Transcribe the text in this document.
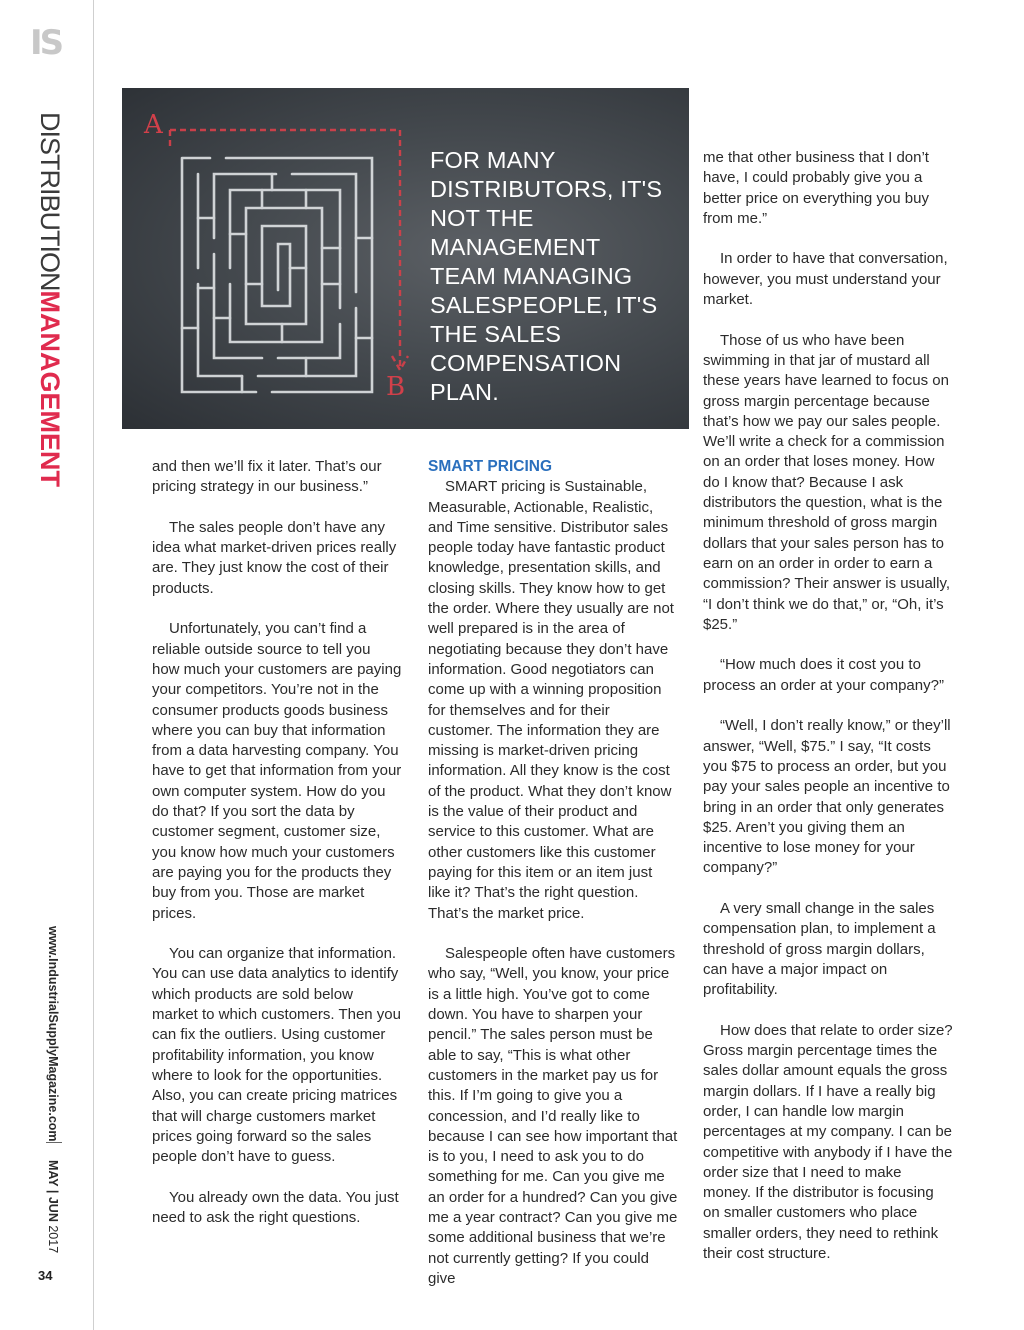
IS
DISTRIBUTIONMANAGEMENT
www.IndustrialSupplyMagazine.com
MAY | JUN 2017
34
A
B
FOR MANY DISTRIBUTORS, IT'S NOT THE MANAGEMENT TEAM MANAGING SALESPEOPLE, IT'S THE SALES COMPENSATION PLAN.

and then we’ll fix it later. That’s our pricing strategy in our business.”

The sales people don’t have any idea what market-driven prices really are. They just know the cost of their products.

Unfortunately, you can’t find a reliable outside source to tell you how much your customers are paying your competitors. You’re not in the consumer products goods business where you can buy that information from a data harvesting company. You have to get that information from your own computer system. How do you do that? If you sort the data by customer segment, customer size, you know how much your customers are paying you for the products they buy from you. Those are market prices.

You can organize that information. You can use data analytics to identify which products are sold below market to which customers. Then you can fix the outliers. Using customer profitability information, you know where to look for the opportunities. Also, you can create pricing matrices that will charge customers market prices going forward so the sales people don’t have to guess.

You already own the data. You just need to ask the right questions.

SMART PRICING

SMART pricing is Sustainable, Measurable, Actionable, Realistic, and Time sensitive. Distributor sales people today have fantastic product knowledge, presentation skills, and closing skills. They know how to get the order. Where they usually are not well prepared is in the area of negotiating because they don’t have information. Good negotiators can come up with a winning proposition for themselves and for their customer. The information they are missing is market-driven pricing information. All they know is the cost of the product. What they don’t know is the value of their product and service to this customer. What are other customers like this customer paying for this item or an item just like it? That’s the right question. That’s the market price.

Salespeople often have customers who say, “Well, you know, your price is a little high. You’ve got to come down. You have to sharpen your pencil.” The sales person must be able to say, “This is what other customers in the market pay us for this. If I’m going to give you a concession, and I’d really like to because I can see how important that is to you, I need to ask you to do something for me. Can you give me an order for a hundred? Can you give me a year contract? Can you give me some additional business that we’re not currently getting? If you could give

me that other business that I don’t have, I could probably give you a better price on everything you buy from me.”

In order to have that conversation, however, you must understand your market.

Those of us who have been swimming in that jar of mustard all these years have learned to focus on gross margin percentage because that’s how we pay our sales people. We’ll write a check for a commission on an order that loses money. How do I know that? Because I ask distributors the question, what is the minimum threshold of gross margin dollars that your sales person has to earn on an order in order to earn a commission? Their answer is usually, “I don’t think we do that,” or, “Oh, it’s $25.”

“How much does it cost you to process an order at your company?”

“Well, I don’t really know,” or they’ll answer, “Well, $75.” I say, “It costs you $75 to process an order, but you pay your sales people an incentive to bring in an order that only generates $25. Aren’t you giving them an incentive to lose money for your company?”

A very small change in the sales compensation plan, to implement a threshold of gross margin dollars, can have a major impact on profitability.

How does that relate to order size? Gross margin percentage times the sales dollar amount equals the gross margin dollars. If I have a really big order, I can handle low margin percentages at my company. I can be competitive with anybody if I have the order size that I need to make money. If the distributor is focusing on smaller customers who place smaller orders, they need to rethink their cost structure.
